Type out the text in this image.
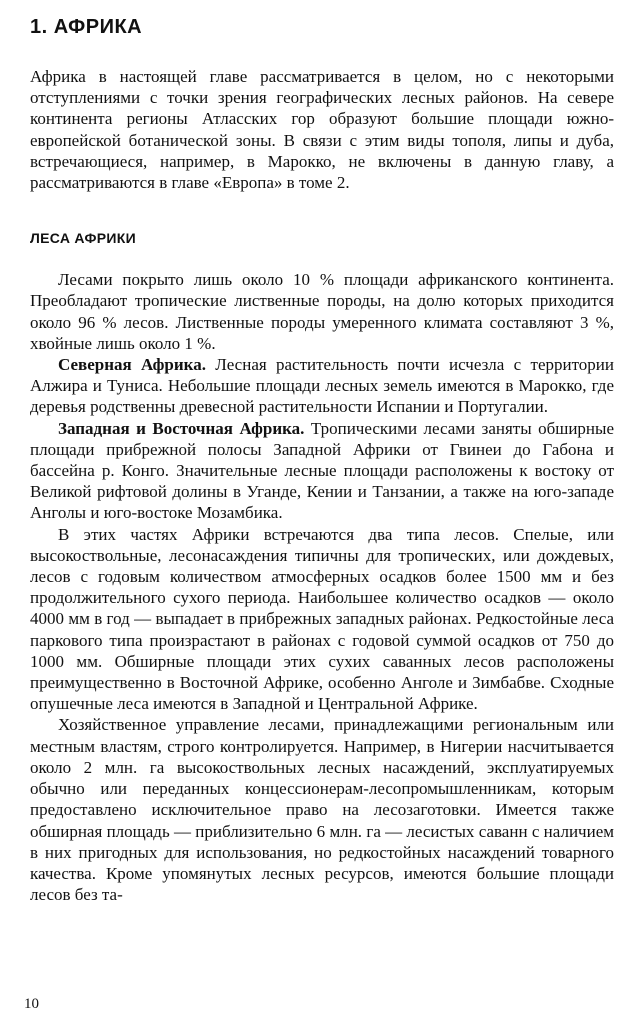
1. АФРИКА

Африка в настоящей главе рассматривается в целом, но с некоторыми отступлениями с точки зрения географических лесных районов. На севере континента регионы Атласских гор образуют большие площади южно-европейской ботанической зоны. В связи с этим виды тополя, липы и дуба, встречающиеся, например, в Марокко, не включены в данную главу, а рассматриваются в главе «Европа» в томе 2.

ЛЕСА АФРИКИ

Лесами покрыто лишь около 10 % площади африканского континента. Преобладают тропические лиственные породы, на долю которых приходится около 96 % лесов. Лиственные породы умеренного климата составляют 3 %, хвойные лишь около 1 %.

Северная Африка. Лесная растительность почти исчезла с территории Алжира и Туниса. Небольшие площади лесных земель имеются в Марокко, где деревья родственны древесной растительности Испании и Португалии.

Западная и Восточная Африка. Тропическими лесами заняты обширные площади прибрежной полосы Западной Африки от Гвинеи до Габона и бассейна р. Конго. Значительные лесные площади расположены к востоку от Великой рифтовой долины в Уганде, Кении и Танзании, а также на юго-западе Анголы и юго-востоке Мозамбика.

В этих частях Африки встречаются два типа лесов. Спелые, или высокоствольные, лесонасаждения типичны для тропических, или дождевых, лесов с годовым количеством атмосферных осадков более 1500 мм и без продолжительного сухого периода. Наибольшее количество осадков — около 4000 мм в год — выпадает в прибрежных западных районах. Редкостойные леса паркового типа произрастают в районах с годовой суммой осадков от 750 до 1000 мм. Обширные площади этих сухих саванных лесов расположены преимущественно в Восточной Африке, особенно Анголе и Зимбабве. Сходные опушечные леса имеются в Западной и Центральной Африке.

Хозяйственное управление лесами, принадлежащими региональным или местным властям, строго контролируется. Например, в Нигерии насчитывается около 2 млн. га высокоствольных лесных насаждений, эксплуатируемых обычно или переданных концессионерам-лесопромышленникам, которым предоставлено исключительное право на лесозаготовки. Имеется также обширная площадь — приблизительно 6 млн. га — лесистых саванн с наличием в них пригодных для использования, но редкостойных насаждений товарного качества. Кроме упомянутых лесных ресурсов, имеются большие площади лесов без та-

10
